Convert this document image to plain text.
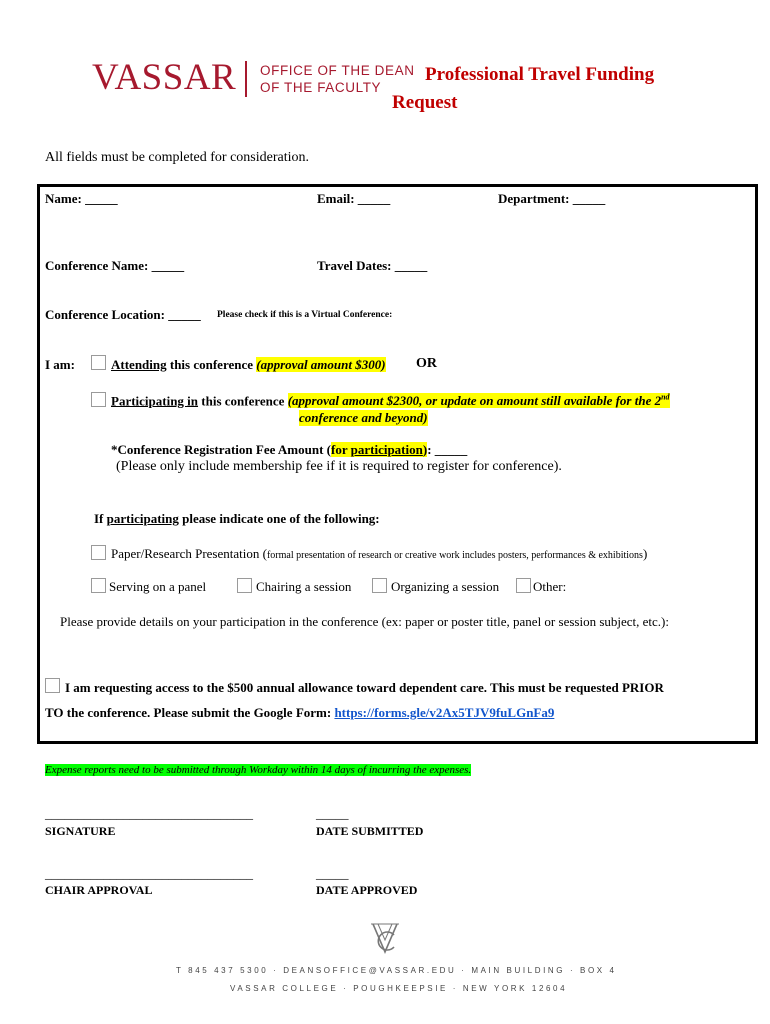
VASSAR OFFICE OF THE DEAN
OF THE FACULTY
Professional Travel Funding
Request
All fields must be completed for consideration.
Name: _____	Email: _____	Department: _____
Conference Name: _____	Travel Dates: _____
Conference Location: _____ Please check if this is a Virtual Conference:
I am:	Attending this conference (approval amount $300) OR
Participating in this conference (approval amount $2300, or update on amount still available for the 2nd
conference and beyond)
*Conference Registration Fee Amount (for participation): _____
(Please only include membership fee if it is required to register for conference).
If participating please indicate one of the following:
Paper/Research Presentation (formal presentation of research or creative work includes posters, performances & exhibitions)
Serving on a panel	Chairing a session	Organizing a session	Other:
Please provide details on your participation in the conference (ex: paper or poster title, panel or session subject, etc.):
I am requesting access to the $500 annual allowance toward dependent care. This must be requested PRIOR
TO the conference. Please submit the Google Form: https://forms.gle/v2Ax5TJV9fuLGnFa9
Expense reports need to be submitted through Workday within 14 days of incurring the expenses.
________________________________
SIGNATURE
_____
DATE SUBMITTED
________________________________
CHAIR APPROVAL
_____
DATE APPROVED
T 845 437 5300 · DEANSOFFICE@VASSAR.EDU · MAIN BUILDING · BOX 4
VASSAR COLLEGE · POUGHKEEPSIE · NEW YORK 12604
